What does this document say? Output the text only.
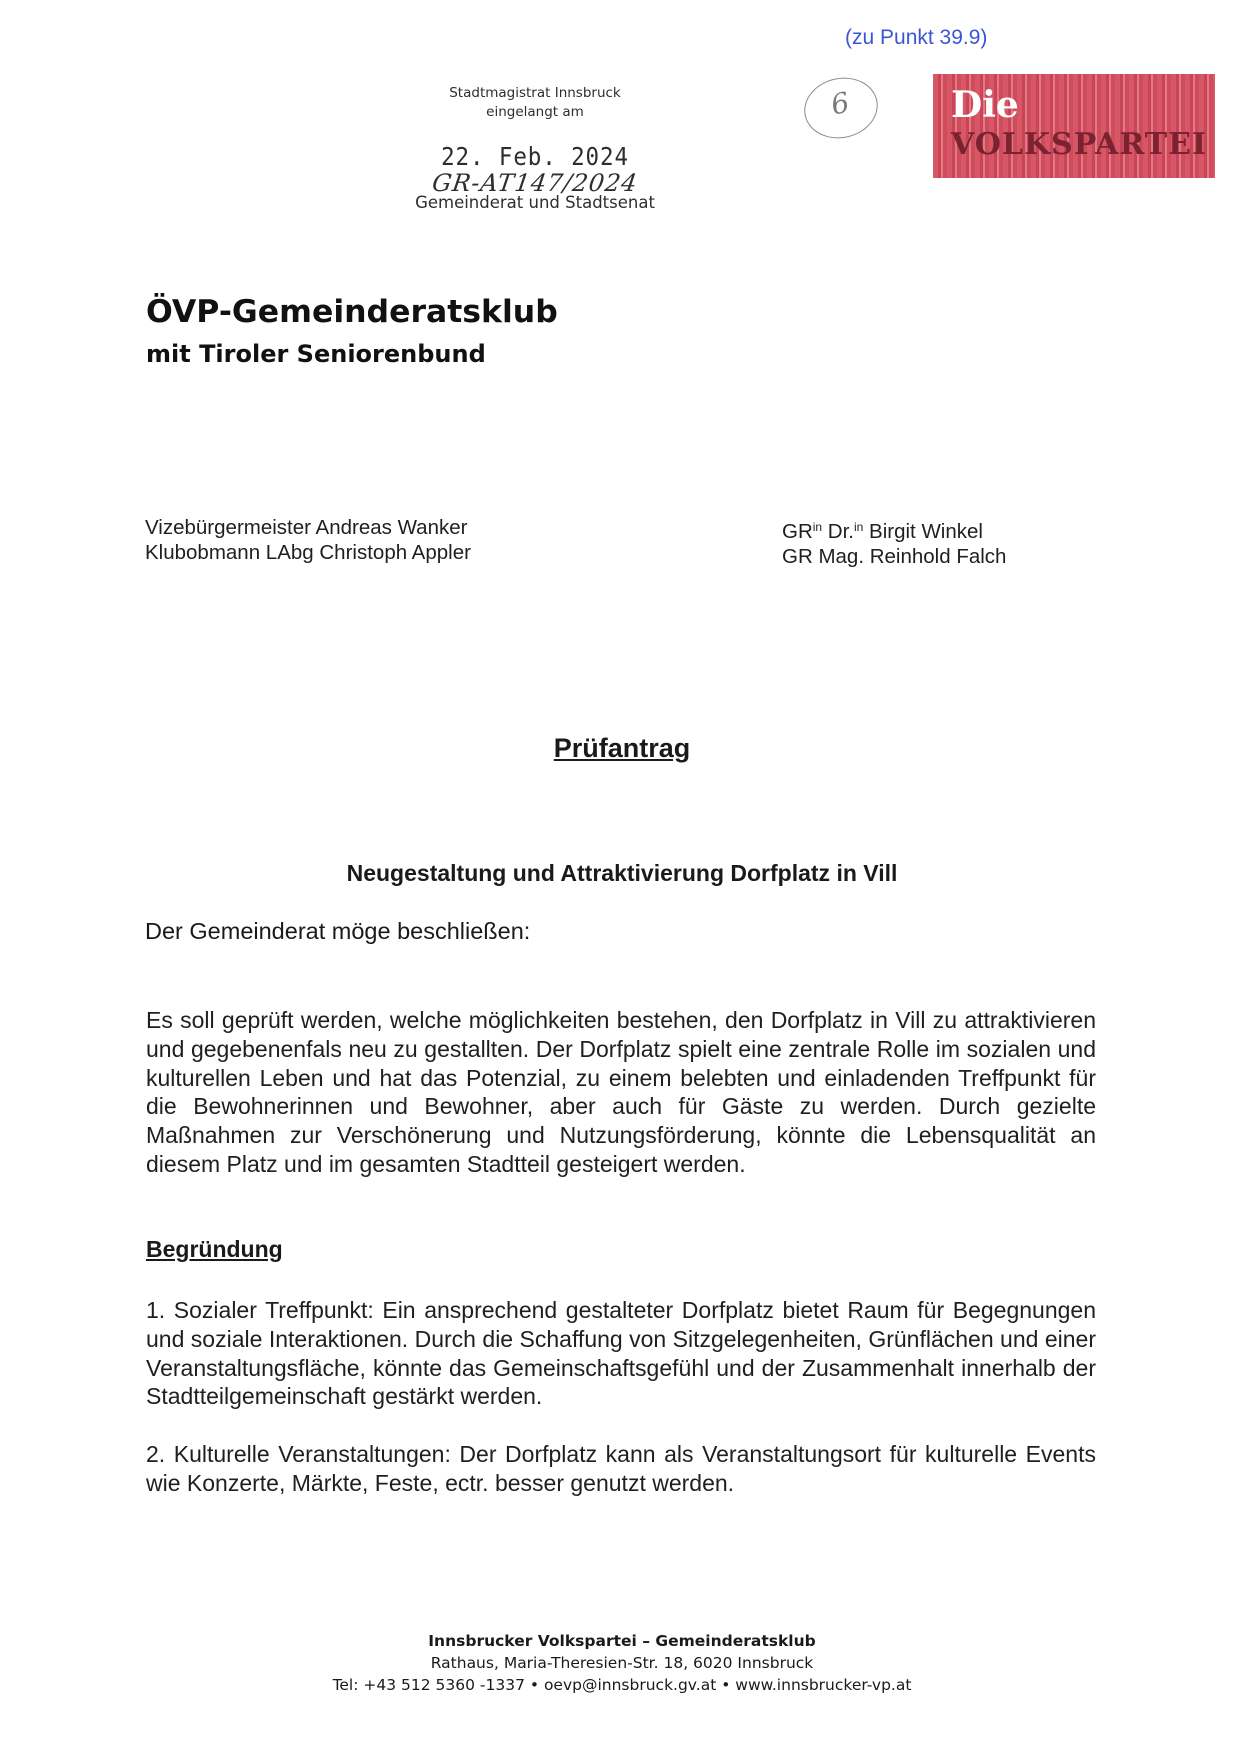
(zu Punkt 39.9)
Stadtmagistrat Innsbruck
eingelangt am
22. Feb. 2024
GR-AT147/2024
Gemeinderat und Stadtsenat
6	Die
VOLKSPARTEI
ÖVP-Gemeinderatsklub
mit Tiroler Seniorenbund
Vizebürgermeister Andreas Wanker
Klubobmann LAbg Christoph Appler
$GR^{in}$ Dr.$^{in}$ Birgit Winkel
GR Mag. Reinhold Falch
Prüfantrag
Neugestaltung und Attraktivierung Dorfplatz in Vill
Der Gemeinderat möge beschließen:
Es soll geprüft werden, welche möglichkeiten bestehen, den Dorfplatz in Vill zu attraktivieren und gegebenenfals neu zu gestallten. Der Dorfplatz spielt eine zentrale Rolle im sozialen und kulturellen Leben und hat das Potenzial, zu einem belebten und einladenden Treffpunkt für die Bewohnerinnen und Bewohner, aber auch für Gäste zu werden. Durch gezielte Maßnahmen zur Verschönerung und Nutzungsförderung, könnte die Lebensqualität an diesem Platz und im gesamten Stadtteil gesteigert werden.
Begründung
1. Sozialer Treffpunkt: Ein ansprechend gestalteter Dorfplatz bietet Raum für Begegnungen und soziale Interaktionen. Durch die Schaffung von Sitzgelegenheiten, Grünflächen und einer Veranstaltungsfläche, könnte das Gemeinschaftsgefühl und der Zusammenhalt innerhalb der Stadtteilgemeinschaft gestärkt werden.
2. Kulturelle Veranstaltungen: Der Dorfplatz kann als Veranstaltungsort für kulturelle Events wie Konzerte, Märkte, Feste, ectr. besser genutzt werden.
Innsbrucker Volkspartei – Gemeinderatsklub
Rathaus, Maria-Theresien-Str. 18, 6020 Innsbruck
Tel: +43 512 5360 -1337 • oevp@innsbruck.gv.at • www.innsbrucker-vp.at
